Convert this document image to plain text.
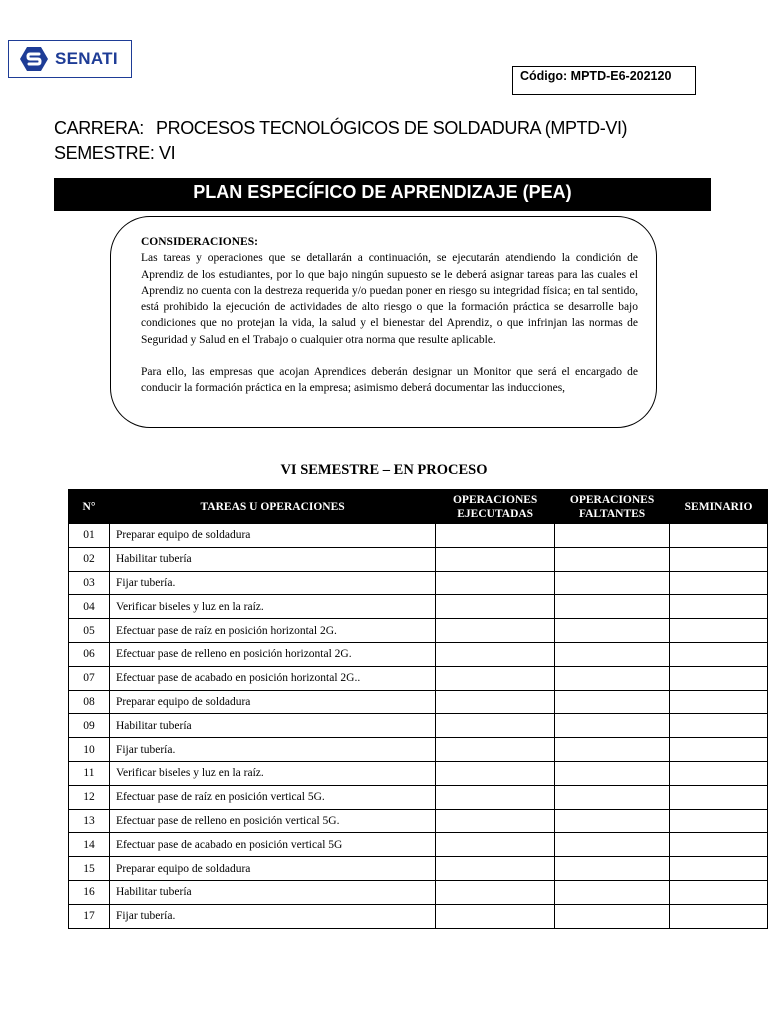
SENATI
Código: MPTD-E6-202120
CARRERA: PROCESOS TECNOLÓGICOS DE SOLDADURA (MPTD-VI)
SEMESTRE: VI
PLAN ESPECÍFICO DE APRENDIZAJE (PEA)
CONSIDERACIONES:

Las tareas y operaciones que se detallarán a continuación, se ejecutarán atendiendo la condición de Aprendiz de los estudiantes, por lo que bajo ningún supuesto se le deberá asignar tareas para las cuales el Aprendiz no cuenta con la destreza requerida y/o puedan poner en riesgo su integridad física; en tal sentido, está prohibido la ejecución de actividades de alto riesgo o que la formación práctica se desarrolle bajo condiciones que no protejan la vida, la salud y el bienestar del Aprendiz, o que infrinjan las normas de Seguridad y Salud en el Trabajo o cualquier otra norma que resulte aplicable.

Para ello, las empresas que acojan Aprendices deberán designar un Monitor que será el encargado de conducir la formación práctica en la empresa; asimismo deberá documentar las inducciones,

VI SEMESTRE – EN PROCESO
N°	TAREAS U OPERACIONES	OPERACIONES EJECUTADAS	OPERACIONES FALTANTES	SEMINARIO
01	Preparar equipo de soldadura			
02	Habilitar tubería			
03	Fijar tubería.			
04	Verificar biseles y luz en la raíz.			
05	Efectuar pase de raíz en posición horizontal 2G.			
06	Efectuar pase de relleno en posición horizontal 2G.			
07	Efectuar pase de acabado en posición horizontal 2G..			
08	Preparar equipo de soldadura			
09	Habilitar tubería			
10	Fijar tubería.			
11	Verificar biseles y luz en la raíz.			
12	Efectuar pase de raíz en posición vertical 5G.			
13	Efectuar pase de relleno en posición vertical 5G.			
14	Efectuar pase de acabado en posición vertical 5G			
15	Preparar equipo de soldadura			
16	Habilitar tubería			
17	Fijar tubería.			
